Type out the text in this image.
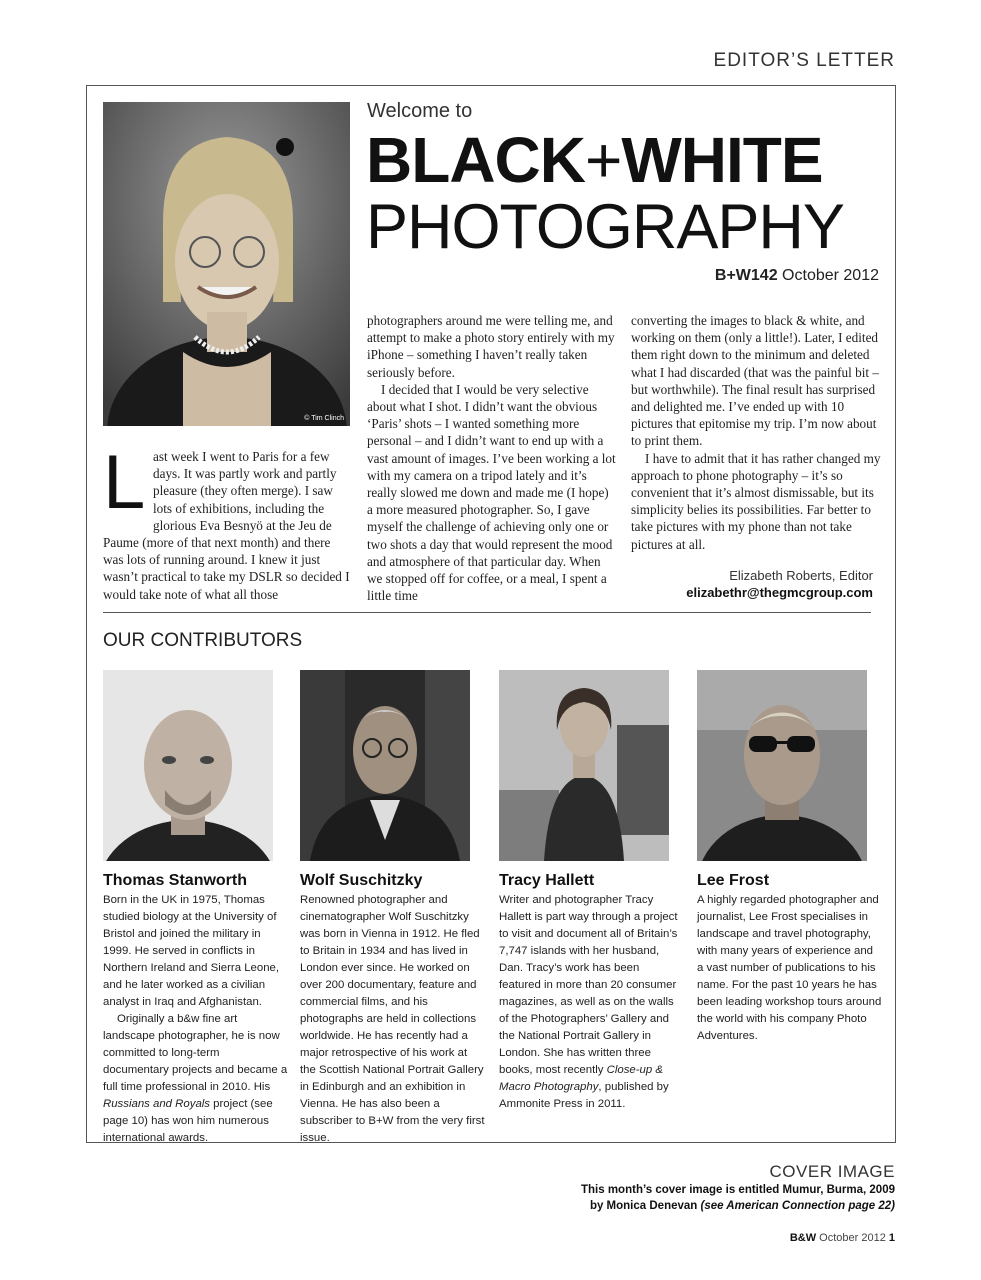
EDITOR’S LETTER
© Tim Clinch
Welcome to
BLACK+WHITE
PHOTOGRAPHY
B+W142 October 2012
L ast week I went to Paris for a few days. It was partly work and partly pleasure (they often merge). I saw lots of exhibitions, including the glorious Eva Besnyö at the Jeu de Paume (more of that next month) and there was lots of running around. I knew it just wasn’t practical to take my DSLR so decided I would take note of what all those

photographers around me were telling me, and attempt to make a photo story entirely with my iPhone – something I haven’t really taken seriously before.

I decided that I would be very selective about what I shot. I didn’t want the obvious ‘Paris’ shots – I wanted something more personal – and I didn’t want to end up with a vast amount of images. I’ve been working a lot with my camera on a tripod lately and it’s really slowed me down and made me (I hope) a more measured photographer. So, I gave myself the challenge of achieving only one or two shots a day that would represent the mood and atmosphere of that particular day. When we stopped off for coffee, or a meal, I spent a little time

converting the images to black & white, and working on them (only a little!). Later, I edited them right down to the minimum and deleted what I had discarded (that was the painful bit – but worthwhile). The final result has surprised and delighted me. I’ve ended up with 10 pictures that epitomise my trip. I’m now about to print them.

I have to admit that it has rather changed my approach to phone photography – it’s so convenient that it’s almost dismissable, but its simplicity belies its possibilities. Far better to take pictures with my phone than not take pictures at all.

Elizabeth Roberts, Editor
elizabethr@thegmcgroup.com
OUR CONTRIBUTORS
Thomas Stanworth

Born in the UK in 1975, Thomas studied biology at the University of Bristol and joined the military in 1999. He served in conflicts in Northern Ireland and Sierra Leone, and he later worked as a civilian analyst in Iraq and Afghanistan.

Originally a b&w fine art landscape photographer, he is now committed to long-term documentary projects and became a full time professional in 2010. His Russians and Royals project (see page 10) has won him numerous international awards.

Wolf Suschitzky

Renowned photographer and cinematographer Wolf Suschitzky was born in Vienna in 1912. He fled to Britain in 1934 and has lived in London ever since. He worked on over 200 documentary, feature and commercial films, and his photographs are held in collections worldwide. He has recently had a major retrospective of his work at the Scottish National Portrait Gallery in Edinburgh and an exhibition in Vienna. He has also been a subscriber to B+W from the very first issue.

Tracy Hallett

Writer and photographer Tracy Hallett is part way through a project to visit and document all of Britain’s 7,747 islands with her husband, Dan. Tracy’s work has been featured in more than 20 consumer magazines, as well as on the walls of the Photographers’ Gallery and the National Portrait Gallery in London. She has written three books, most recently Close-up & Macro Photography, published by Ammonite Press in 2011.

Lee Frost

A highly regarded photographer and journalist, Lee Frost specialises in landscape and travel photography, with many years of experience and a vast number of publications to his name. For the past 10 years he has been leading workshop tours around the world with his company Photo Adventures.

COVER IMAGE
This month’s cover image is entitled Mumur, Burma, 2009
by Monica Denevan (see American Connection page 22)
B&W October 2012 1
